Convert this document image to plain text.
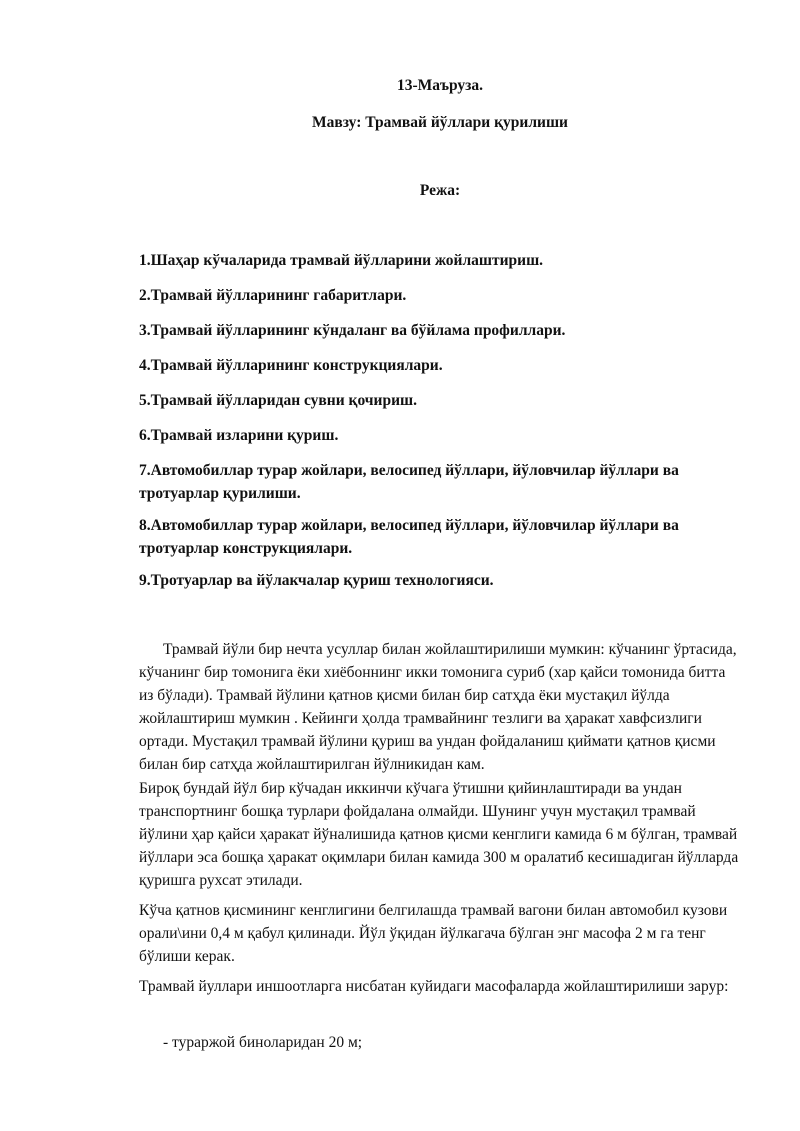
13-Маъруза.
Мавзу: Трамвай йўллари қурилиши
Режа:
1.Шаҳар кўчаларида трамвай йўлларини жойлаштириш.
2.Трамвай йўлларининг габаритлари.
3.Трамвай йўлларининг кўндаланг ва бўйлама профиллари.
4.Трамвай йўлларининг конструкциялари.
5.Трамвай йўлларидан сувни қочириш.
6.Трамвай изларини қуриш.
7.Автомобиллар турар жойлари, велосипед йўллари, йўловчилар йўллари ва тротуарлар қурилиши.
8.Автомобиллар турар жойлари, велосипед йўллари, йўловчилар йўллари ва тротуарлар конструкциялари.
9.Тротуарлар ва йўлакчалар қуриш технологияси.
Трамвай йўли бир нечта усуллар билан жойлаштирилиши мумкин: кўчанинг ўртасида, кўчанинг бир томонига ёки хиёбоннинг икки томонига суриб (хар қайси томонида битта из бўлади). Трамвай йўлини қатнов қисми билан бир сатҳда ёки мустақил йўлда жойлаштириш мумкин . Кейинги ҳолда трамвайнинг тезлиги ва ҳаракат хавфсизлиги ортади. Мустақил трамвай йўлини қуриш ва ундан фойдаланиш қиймати қатнов қисми билан бир сатҳда жойлаштирилган йўлникидан кам.
Бироқ бундай йўл бир кўчадан иккинчи кўчага ўтишни қийинлаштиради ва ундан транспортнинг бошқа турлари фойдалана олмайди. Шунинг учун мустақил трамвай йўлини ҳар қайси ҳаракат йўналишида қатнов қисми кенглиги камида 6 м бўлган, трамвай йўллари эса бошқа ҳаракат оқимлари билан камида 300 м оралатиб кесишадиган йўлларда қуришга рухсат этилади.
Кўча қатнов қисмининг кенглигини белгилашда трамвай вагони билан автомобил кузови орали\ини 0,4 м қабул қилинади. Йўл ўқидан йўлкагача бўлган энг масофа 2 м га тенг бўлиши керак.
Трамвай йуллари иншоотларга нисбатан куйидаги масофаларда жойлаштирилиши зарур:
- тураржой биноларидан 20 м;
